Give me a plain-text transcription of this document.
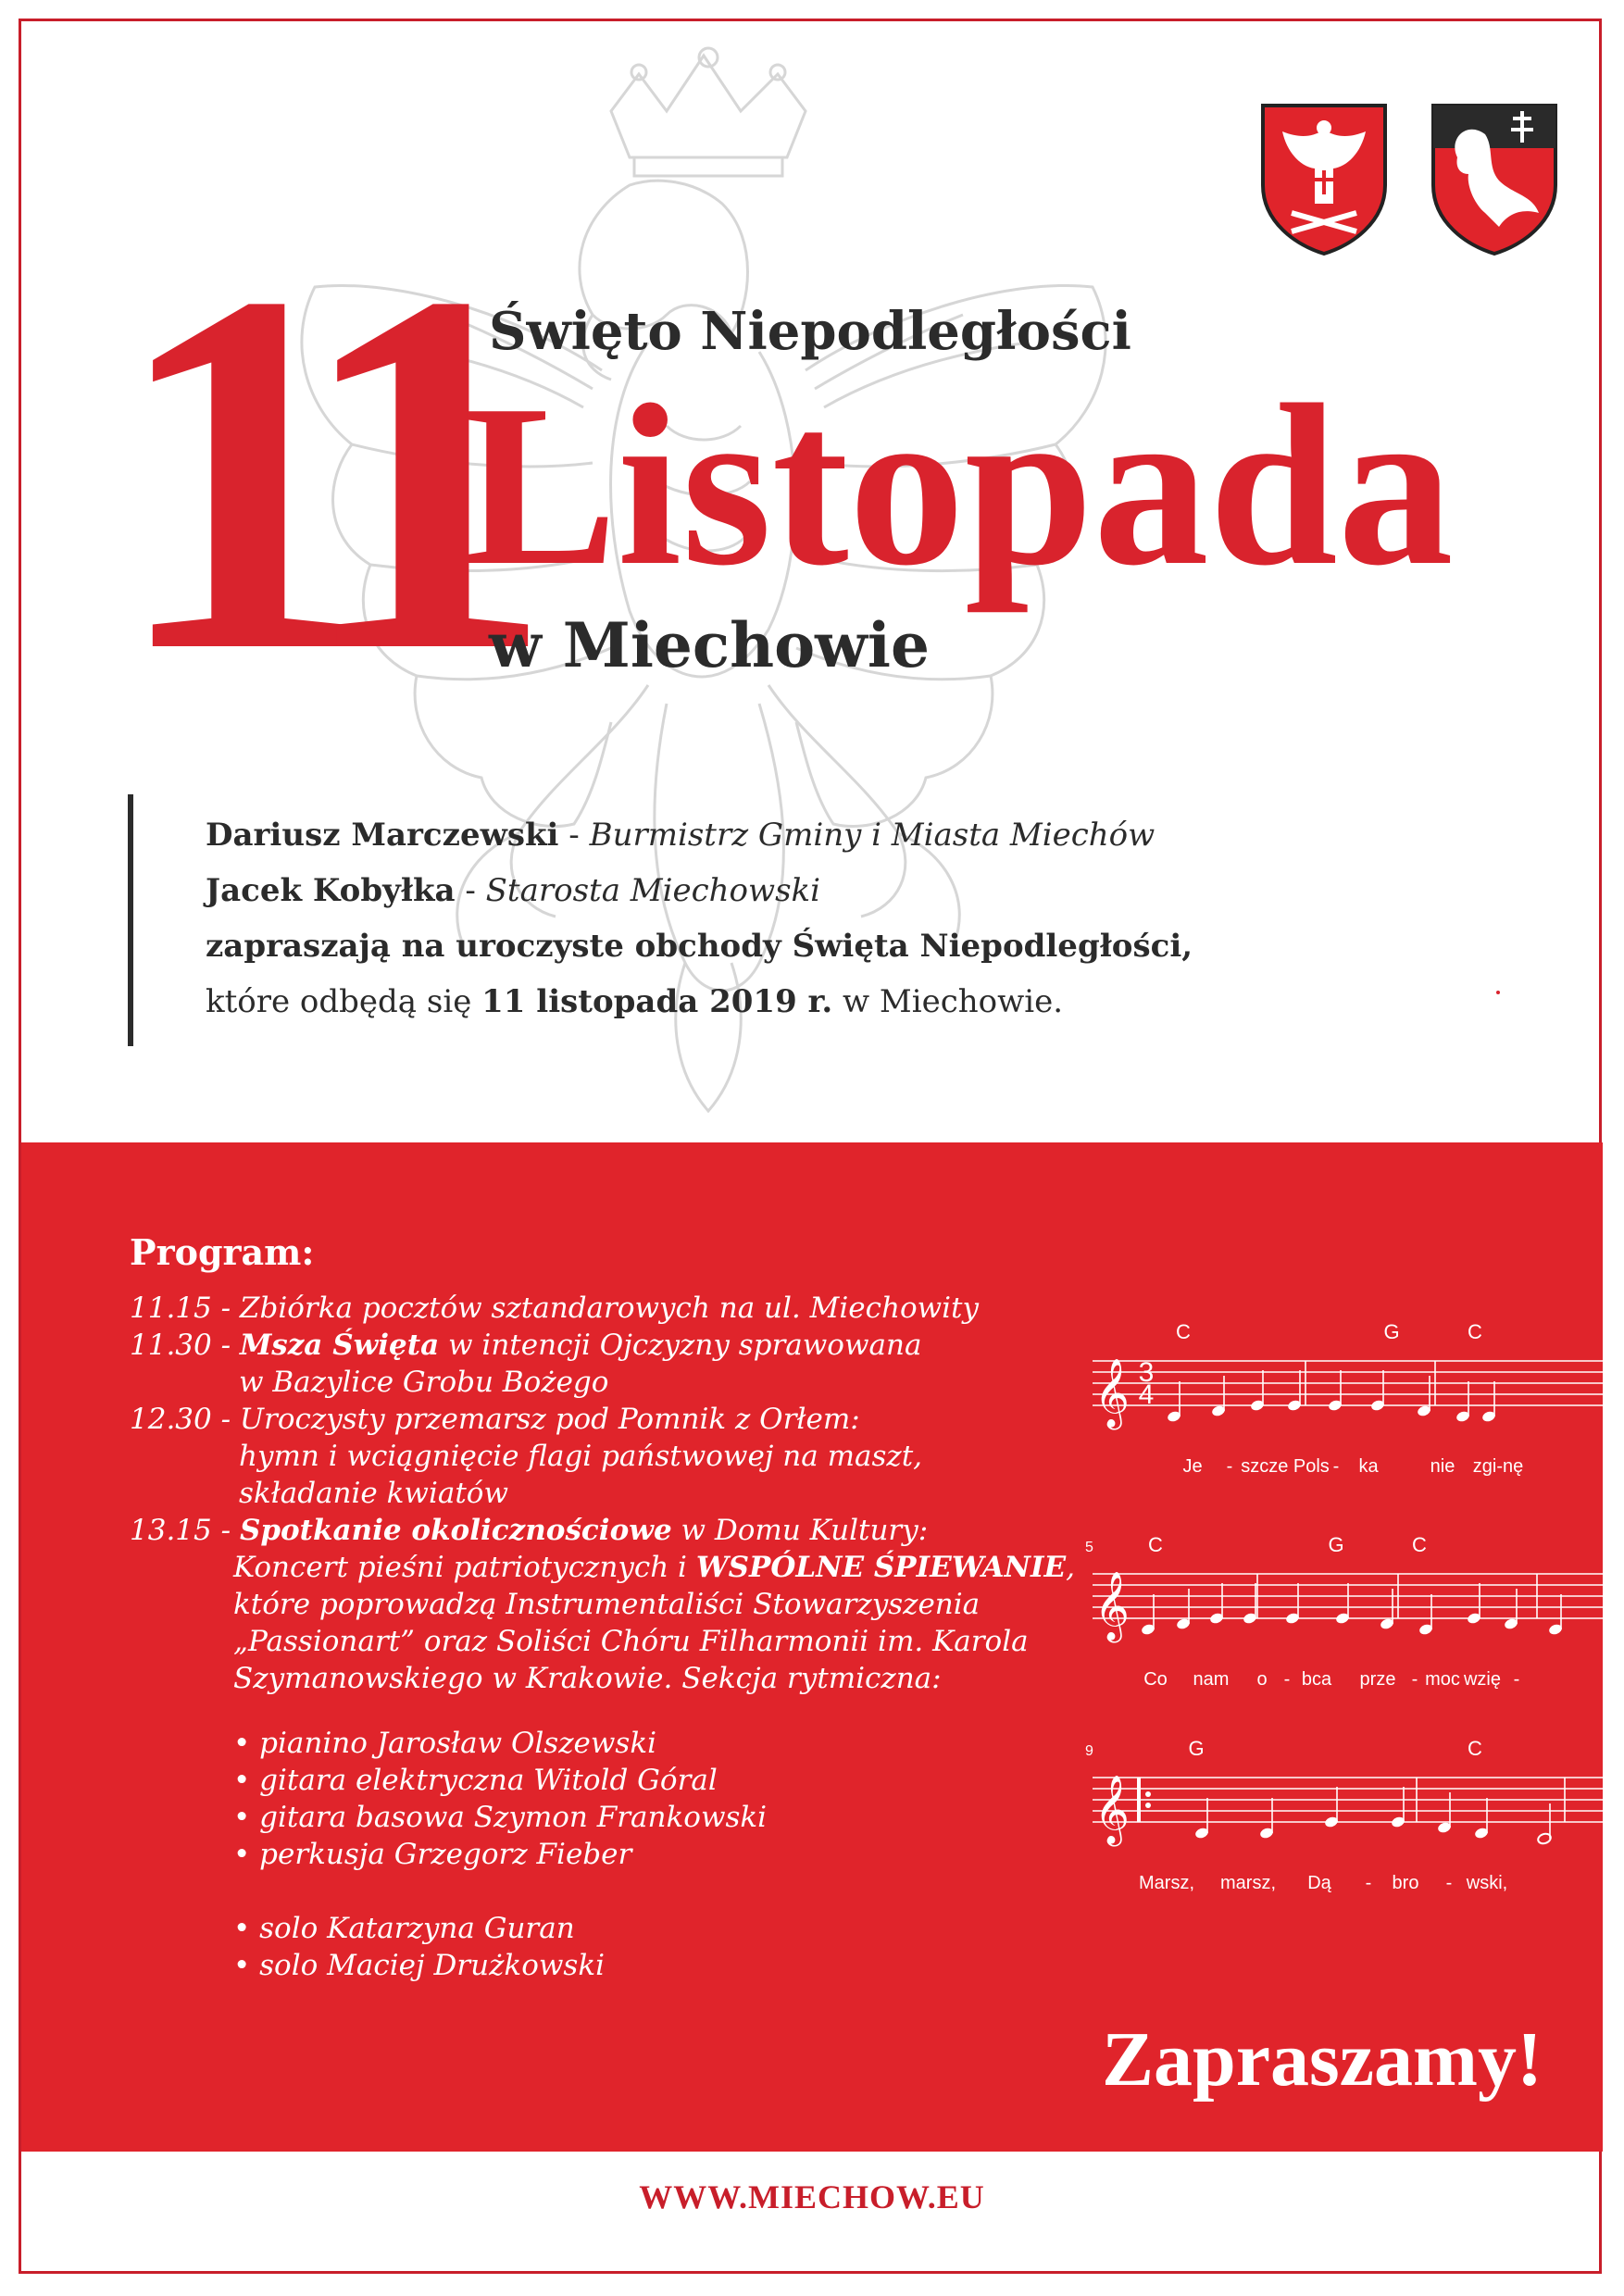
11
Święto Niepodległości
Listopada
w Miechowie
Dariusz Marczewski - Burmistrz Gminy i Miasta Miechów
Jacek Kobyłka - Starosta Miechowski
zapraszają na uroczyste obchody Święta Niepodległości,
które odbędą się 11 listopada 2019 r. w Miechowie.
Program:
11.15 - Zbiórka pocztów sztandarowych na ul. Miechowity
11.30 - Msza Święta w intencji Ojczyzny sprawowana
w Bazylice Grobu Bożego
12.30 - Uroczysty przemarsz pod Pomnik z Orłem:
hymn i wciągnięcie flagi państwowej na maszt,
składanie kwiatów
13.15 - Spotkanie okolicznościowe w Domu Kultury:
Koncert pieśni patriotycznych i WSPÓLNE ŚPIEWANIE,
które poprowadzą Instrumentaliści Stowarzyszenia
„Passionart” oraz Soliści Chóru Filharmonii im. Karola
Szymanowskiego w Krakowie. Sekcja rytmiczna:
• pianino Jarosław Olszewski
• gitara elektryczna Witold Góral
• gitara basowa Szymon Frankowski
• perkusja Grzegorz Fieber
• solo Katarzyna Guran
• solo Maciej Drużkowski
𝄞
𝄞
𝄞
3
4
C	G	C
Je - szcze Pols - ka	nie zgi-nę
C	G	C
Co nam o - bca prze - moc wzię -
5
G	C
Marsz, marsz, Dą - bro - wski,
9
Zapraszamy!
WWW.MIECHOW.EU
